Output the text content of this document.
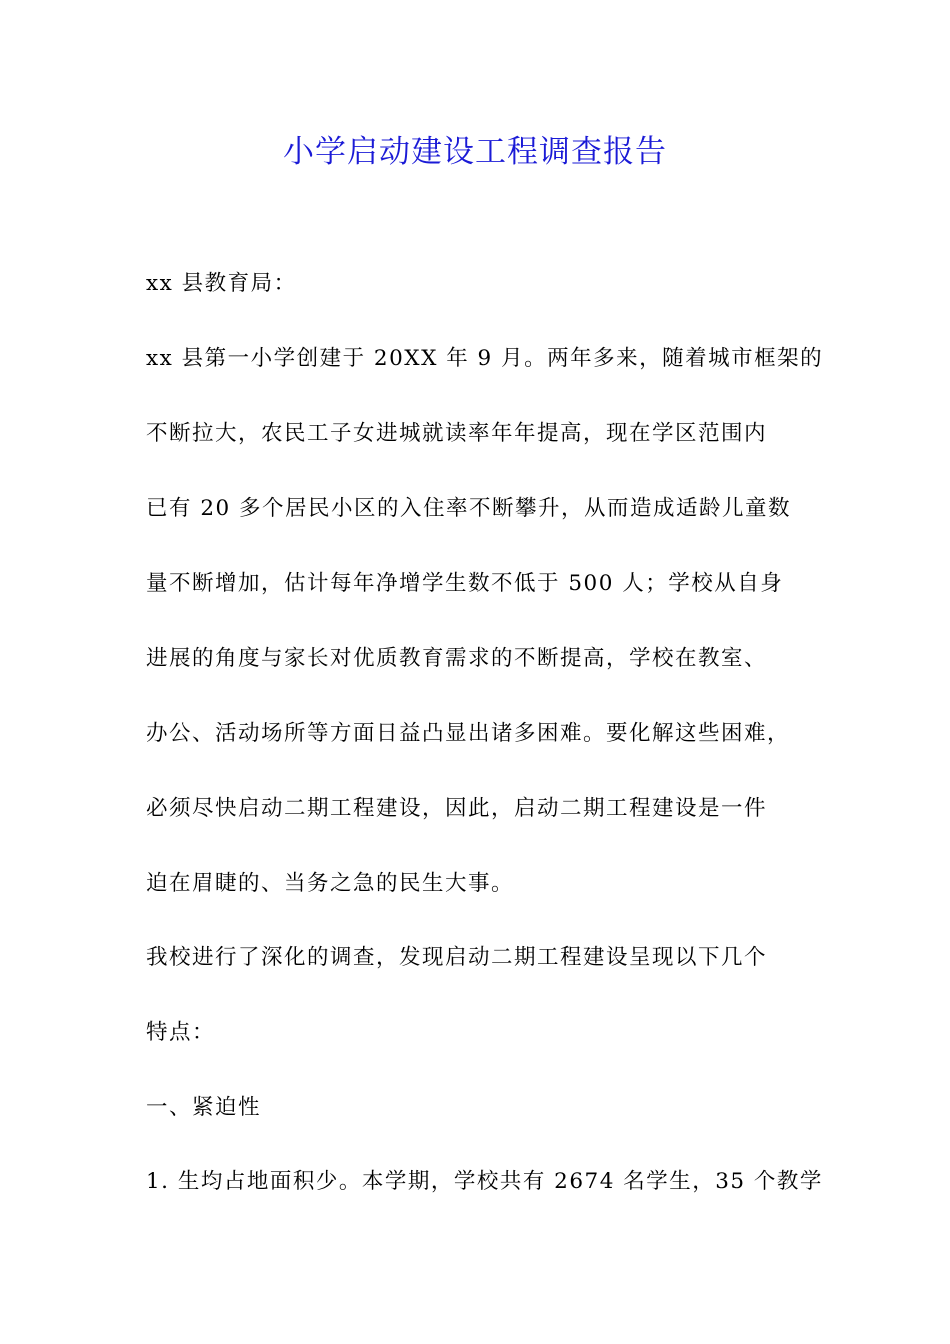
小学启动建设工程调查报告

xx 县教育局：

xx 县第一小学创建于 20XX 年 9 月。两年多来，随着城市框架的

不断拉大，农民工子女进城就读率年年提高，现在学区范围内

已有 20 多个居民小区的入住率不断攀升，从而造成适龄儿童数

量不断增加，估计每年净增学生数不低于 500 人；学校从自身

进展的角度与家长对优质教育需求的不断提高，学校在教室、

办公、活动场所等方面日益凸显出诸多困难。要化解这些困难，

必须尽快启动二期工程建设，因此，启动二期工程建设是一件

迫在眉睫的、当务之急的民生大事。

我校进行了深化的调查，发现启动二期工程建设呈现以下几个

特点：

一、紧迫性

1. 生均占地面积少。本学期，学校共有 2674 名学生，35 个教学
